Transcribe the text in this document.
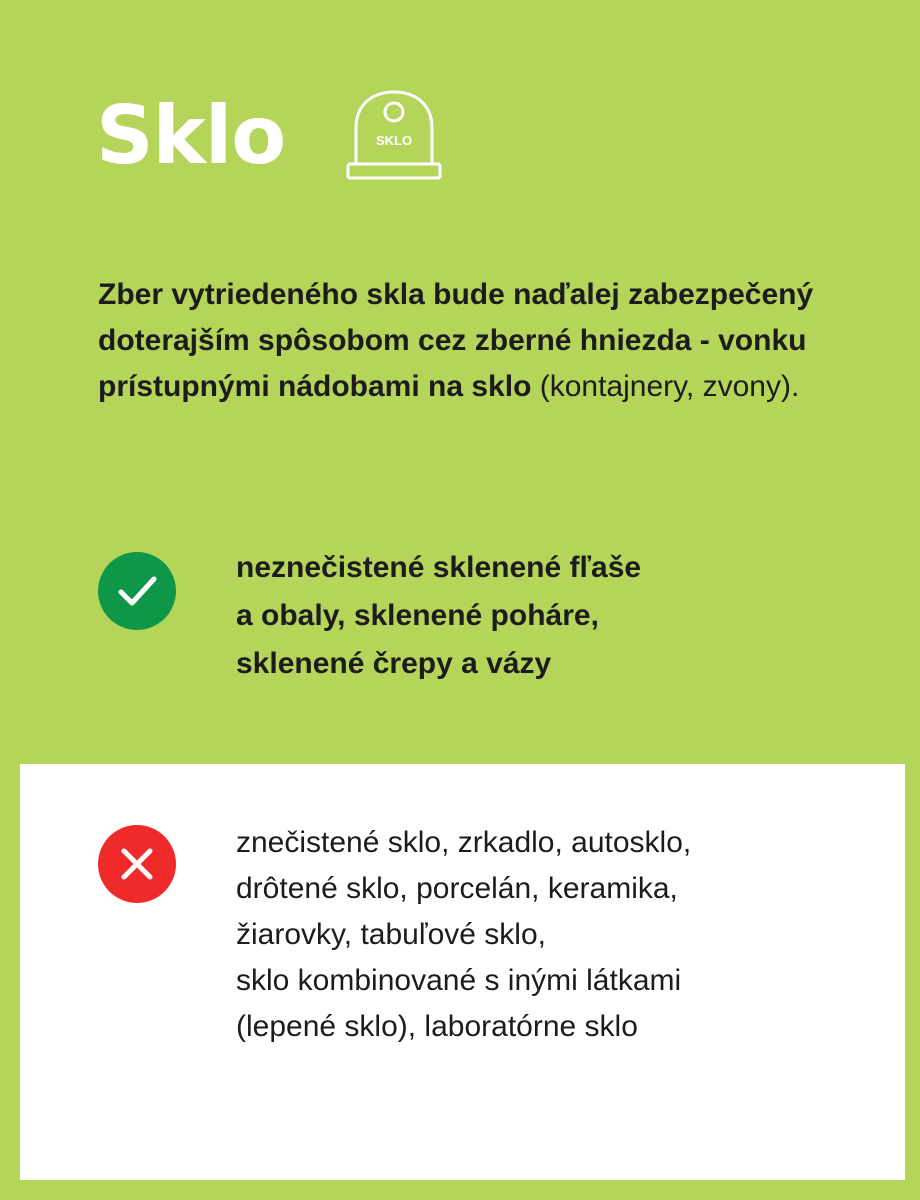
Sklo	SKLO
Zber vytriedeného skla bude naďalej zabezpečený doterajším spôsobom cez zberné hniezda - vonku prístupnými nádobami na sklo (kontajnery, zvony).
neznečistené sklenené fľaše
a obaly, sklenené poháre,
sklenené črepy a vázy
znečistené sklo, zrkadlo, autosklo,
drôtené sklo, porcelán, keramika,
žiarovky, tabuľové sklo,
sklo kombinované s inými látkami
(lepené sklo), laboratórne sklo
